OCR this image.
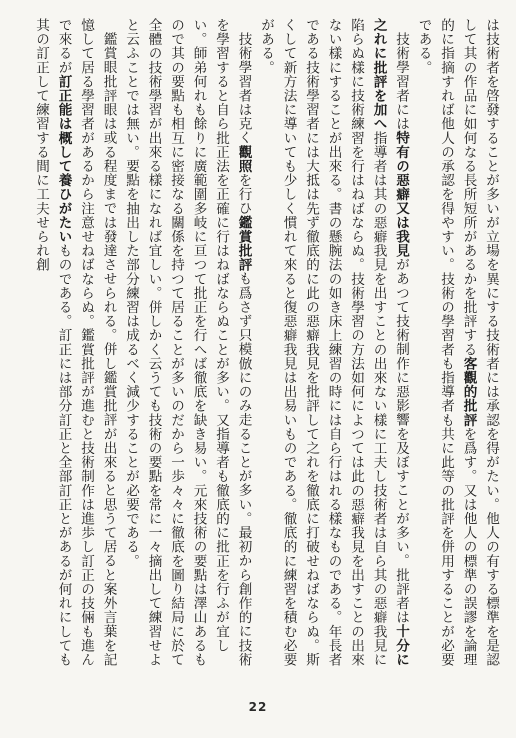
は技術者を啓發することが多いが立場を異にする技術者には承認を得がたい。他人の有する標準を是認して其の作品に如何なる長所短所があるかを批評する客觀的批評を爲す。又は他人の標準の誤謬を論理的に指摘すれば他人の承認を得やすい。技術の學習者も指導者も共に此等の批評を併用することが必要である。

技術學習者には特有の惡癖又は我見があつて技術制作に惡影響を及ぼすことが多い。批評者は十分に之れに批評を加へ指導者は其の惡癖我見を出すことの出來ない樣に工夫し技術者は自ら其の惡癖我見に陷らぬ樣に技術練習を行はねばならぬ。技術學習の方法如何によつては此の惡癖我見を出すことの出來ない樣にすることが出來る。書の懸腕法の如き床上練習の時には自ら行はれる樣なものである。年長者である技術學習者には大抵は先ず徹底的に此の惡癖我見を批評して之れを徹底に打破せねばならぬ。斯くして新方法に導いても少しく慣れて來ると復惡癖我見は出易いものである。徹底的に練習を積む必要がある。

技術學習者は克く觀照を行ひ鑑賞批評も爲さず只模倣にのみ走ることが多い。最初から創作的に技術を學習すると自ら批正法を正確に行はねばならぬことが多い。又指導者も徹底的に批正を行ふが宜しい。師弟何れも餘りに廣範圍多岐に亘つて批正を行へば徹底を缺き易い。元來技術の要點は澤山あるもので其の要點も相互に密接なる關係を持つて居ることが多いのだから一歩々々に徹底を圖り結局に於て全體の技術學習が出來る樣になれば宜しい。併しかく云うても技術の要點を常に一々摘出して練習せよと云ふことでは無い。要點を抽出した部分練習は成るべく減少することが必要である。

鑑賞眼批評眼は或る程度までは發達させられる。併し鑑賞批評が出來ると思うて居ると案外言葉を記憶して居る學習者があるから注意せねばならぬ。鑑賞批評が進むと技術制作は進歩し訂正の技倆も進んで來るが訂正能は概して養ひがたいものである。訂正には部分訂正と全部訂正とがあるが何れにしても其の訂正して練習する間に工夫せられ創

22
